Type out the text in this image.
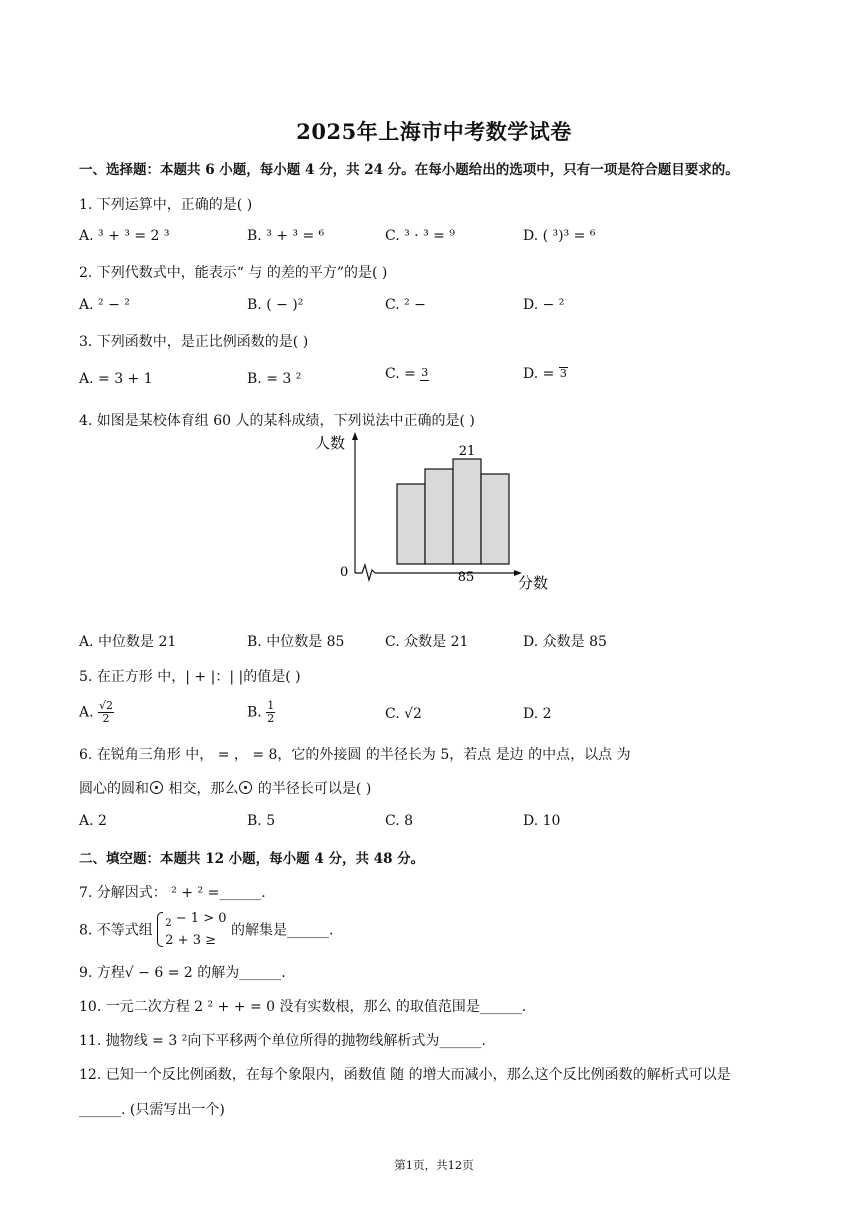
2025年上海市中考数学试卷
一、选择题：本题共 6 小题，每小题 4 分，共 24 分。在每小题给出的选项中，只有一项是符合题目要求的。
1. 下列运算中，正确的是( )
A. ³ + ³ = 2 ³	B. ³ + ³ = ⁶	C. ³ · ³ = ⁹	D. ( ³)³ = ⁶
2. 下列代数式中，能表示“ 与 的差的平方”的是( )
A. ² − ²	B. ( − )²	C. ² −	D. − ²
3. 下列函数中，是正比例函数的是( )
A. = 3 + 1	B. = 3 ²	C. = 3	D. = 3
4. 如图是某校体育组 60 人的某科成绩，下列说法中正确的是( )
人数
0
分数
21
85
A. 中位数是 21	B. 中位数是 85	C. 众数是 21	D. 众数是 85
5. 在正方形 中，| + |：| |的值是( )
A. $\frac{√2}{2}$	B. $\frac{1}{2}$	C. √2	D. 2
6. 在锐角三角形 中， = ， = 8，它的外接圆 的半径长为 5，若点 是边 的中点，以点 为
圆心的圆和 相交，那么 的半径长可以是( )
A. 2	B. 5	C. 8	D. 10
二、填空题：本题共 12 小题，每小题 4 分，共 48 分。
7. 分解因式： ² + ² =______.
8. 不等式组 $_2$ − 1 > 0
2 + 3 ≥
的解集是______.
9. 方程√ − 6 = 2 的解为______.
10. 一元二次方程 2 ² + + = 0 没有实数根，那么 的取值范围是______.
11. 抛物线 = 3 ²向下平移两个单位所得的抛物线解析式为______.
12. 已知一个反比例函数，在每个象限内，函数值 随 的增大而减小，那么这个反比例函数的解析式可以是
______. (只需写出一个)
第1页，共12页
